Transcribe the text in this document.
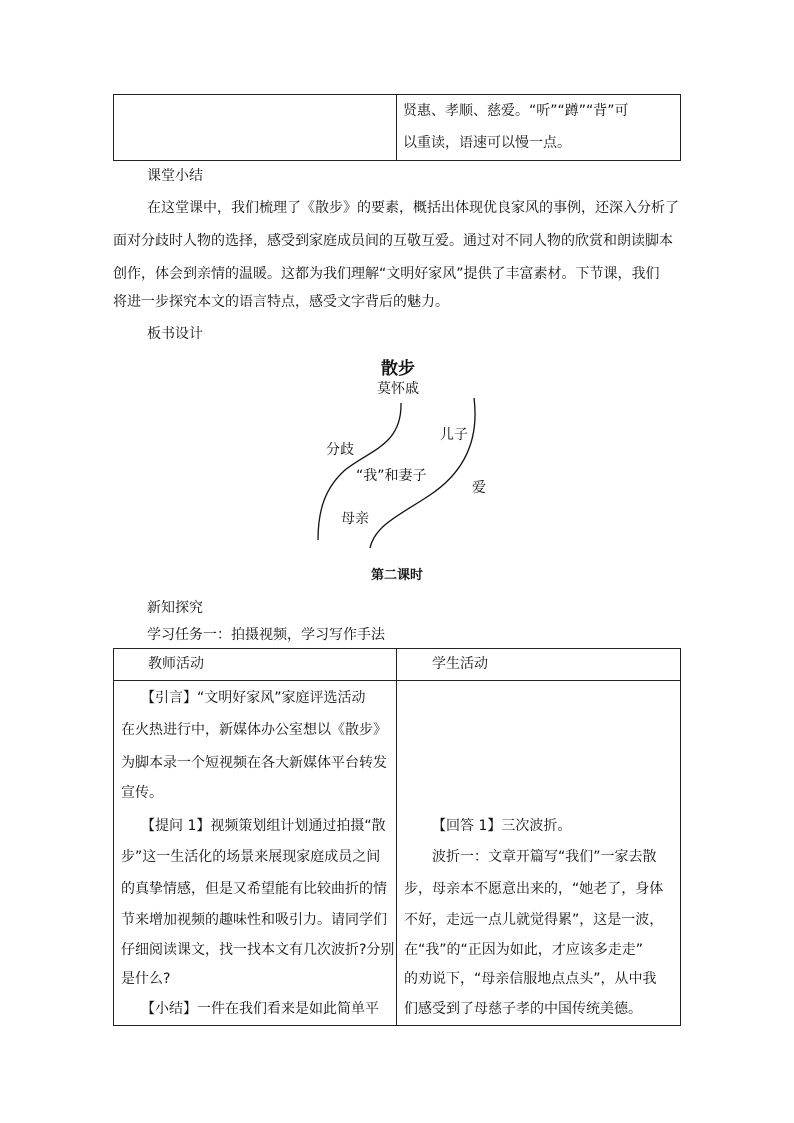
贤惠、孝顺、慈爱。“听”“蹲”“背”可
以重读，语速可以慢一点。
课堂小结
在这堂课中，我们梳理了《散步》的要素，概括出体现优良家风的事例，还深入分析了
面对分歧时人物的选择，感受到家庭成员间的互敬互爱。通过对不同人物的欣赏和朗读脚本
创作，体会到亲情的温暖。这都为我们理解“文明好家风”提供了丰富素材。下节课，我们
将进一步探究本文的语言特点，感受文字背后的魅力。
板书设计
散步
莫怀戚
分歧
儿子
“我”和妻子
爱
母亲
第二课时
新知探究
学习任务一：拍摄视频，学习写作手法
教师活动	学生活动
【引言】“文明好家风”家庭评选活动
在火热进行中，新媒体办公室想以《散步》
为脚本录一个短视频在各大新媒体平台转发
宣传。
【提问 1】视频策划组计划通过拍摄“散
步”这一生活化的场景来展现家庭成员之间
的真挚情感，但是又希望能有比较曲折的情
节来增加视频的趣味性和吸引力。请同学们
仔细阅读课文，找一找本文有几次波折?分别
是什么?
【小结】一件在我们看来是如此简单平
【回答 1】三次波折。
波折一：文章开篇写“我们”一家去散
步，母亲本不愿意出来的，“她老了，身体
不好，走远一点儿就觉得累”，这是一波，
在“我”的“正因为如此，才应该多走走”
的劝说下，“母亲信服地点点头”，从中我
们感受到了母慈子孝的中国传统美德。
